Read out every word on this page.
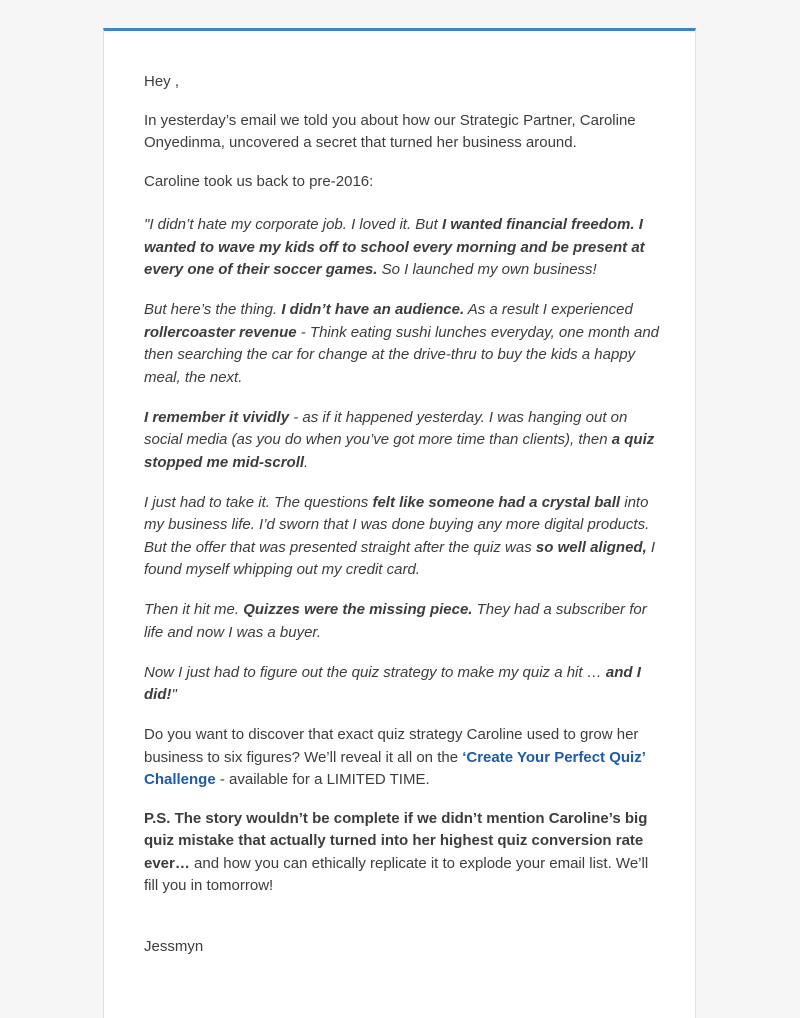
Hey ,

In yesterday’s email we told you about how our Strategic Partner, Caroline Onyedinma, uncovered a secret that turned her business around.

Caroline took us back to pre-2016:

"I didn’t hate my corporate job. I loved it. But I wanted financial freedom. I wanted to wave my kids off to school every morning and be present at every one of their soccer games. So I launched my own business!

But here’s the thing. I didn’t have an audience. As a result I experienced rollercoaster revenue - Think eating sushi lunches everyday, one month and then searching the car for change at the drive-thru to buy the kids a happy meal, the next.

I remember it vividly - as if it happened yesterday. I was hanging out on social media (as you do when you’ve got more time than clients), then a quiz stopped me mid-scroll.

I just had to take it. The questions felt like someone had a crystal ball into my business life. I’d sworn that I was done buying any more digital products. But the offer that was presented straight after the quiz was so well aligned, I found myself whipping out my credit card.

Then it hit me. Quizzes were the missing piece. They had a subscriber for life and now I was a buyer.

Now I just had to figure out the quiz strategy to make my quiz a hit … and I did!"

Do you want to discover that exact quiz strategy Caroline used to grow her business to six figures? We’ll reveal it all on the ‘Create Your Perfect Quiz’ Challenge - available for a LIMITED TIME.

P.S. The story wouldn’t be complete if we didn’t mention Caroline’s big quiz mistake that actually turned into her highest quiz conversion rate ever… and how you can ethically replicate it to explode your email list. We’ll fill you in tomorrow!

Jessmyn
